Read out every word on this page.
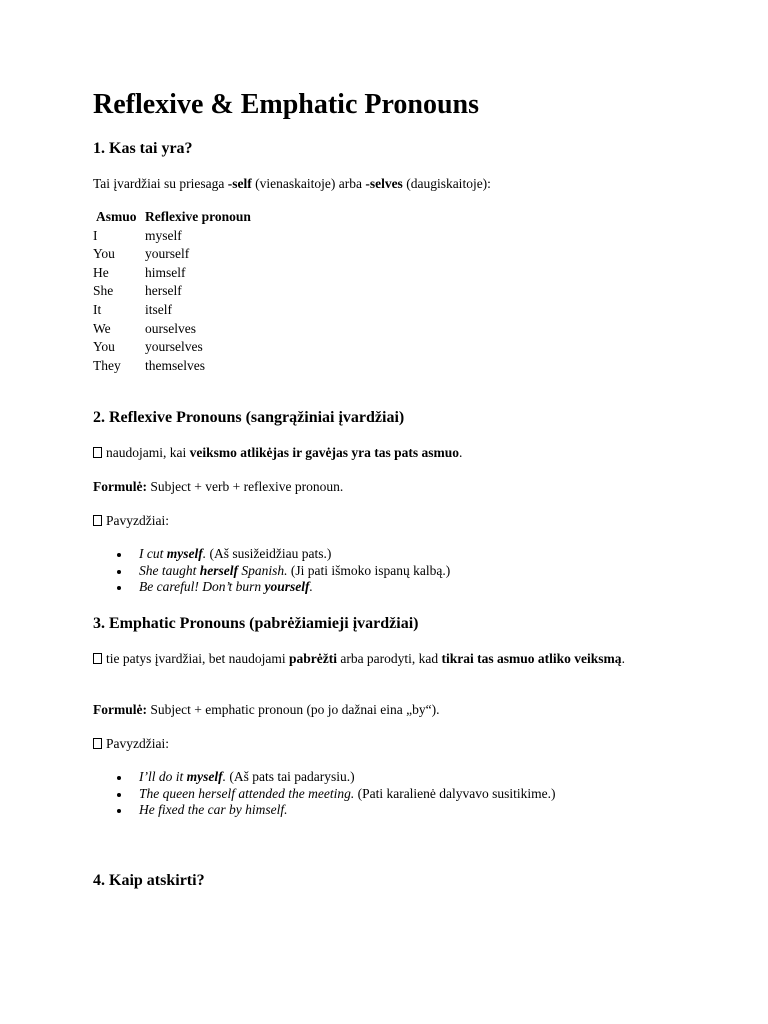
Reflexive & Emphatic Pronouns
1. Kas tai yra?

Tai įvardžiai su priesaga -self (vienaskaitoje) arba -selves (daugiskaitoje):

Asmuo	Reflexive pronoun
I	myself
You	yourself
He	himself
She	herself
It	itself
We	ourselves
You	yourselves
They	themselves
2. Reflexive Pronouns (sangrąžiniai įvardžiai)

naudojami, kai veiksmo atlikėjas ir gavėjas yra tas pats asmuo.

Formulė: Subject + verb + reflexive pronoun.

Pavyzdžiai:

I cut myself. (Aš susižeidžiau pats.)
She taught herself Spanish. (Ji pati išmoko ispanų kalbą.)
Be careful! Don’t burn yourself.
3. Emphatic Pronouns (pabrėžiamieji įvardžiai)

tie patys įvardžiai, bet naudojami pabrėžti arba parodyti, kad tikrai tas asmuo atliko veiksmą.

Formulė: Subject + emphatic pronoun (po jo dažnai eina „by“).

Pavyzdžiai:

I’ll do it myself. (Aš pats tai padarysiu.)
The queen herself attended the meeting. (Pati karalienė dalyvavo susitikime.)
He fixed the car by himself.
4. Kaip atskirti?
